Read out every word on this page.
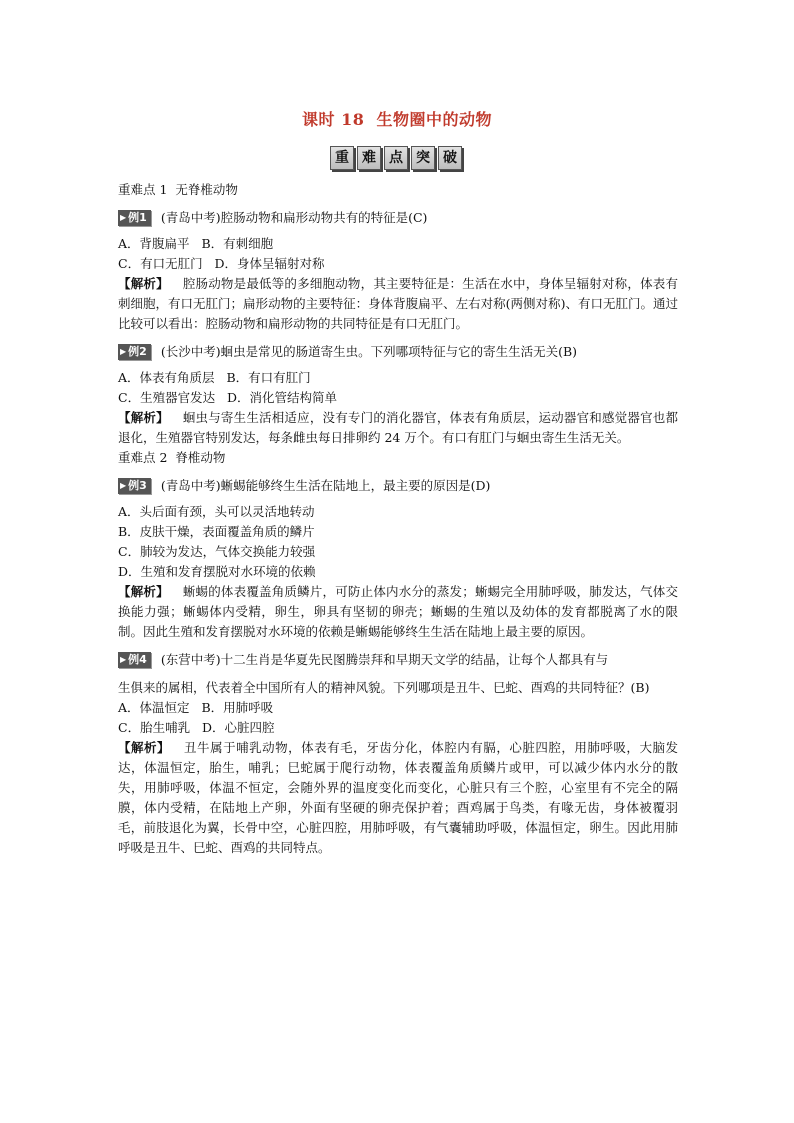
课时 18  生物圈中的动物
重 难 点 突 破
重难点 1  无脊椎动物
▶ 例1 (青岛中考)腔肠动物和扁形动物共有的特征是(C)
A．背腹扁平   B．有刺细胞
C．有口无肛门   D．身体呈辐射对称

【解析】 腔肠动物是最低等的多细胞动物，其主要特征是：生活在水中，身体呈辐射对称，体表有刺细胞，有口无肛门；扁形动物的主要特征：身体背腹扁平、左右对称(两侧对称)、有口无肛门。通过比较可以看出：腔肠动物和扁形动物的共同特征是有口无肛门。

▶ 例2 (长沙中考)蛔虫是常见的肠道寄生虫。下列哪项特征与它的寄生生活无关(B)
A．体表有角质层   B．有口有肛门
C．生殖器官发达   D．消化管结构简单

【解析】 蛔虫与寄生生活相适应，没有专门的消化器官，体表有角质层，运动器官和感觉器官也都退化，生殖器官特别发达，每条雌虫每日排卵约 24 万个。有口有肛门与蛔虫寄生生活无关。

重难点 2  脊椎动物
▶ 例3 (青岛中考)蜥蜴能够终生生活在陆地上，最主要的原因是(D)
A．头后面有颈，头可以灵活地转动
B．皮肤干燥，表面覆盖角质的鳞片
C．肺较为发达，气体交换能力较强
D．生殖和发育摆脱对水环境的依赖

【解析】 蜥蜴的体表覆盖角质鳞片，可防止体内水分的蒸发；蜥蜴完全用肺呼吸，肺发达，气体交换能力强；蜥蜴体内受精，卵生，卵具有坚韧的卵壳；蜥蜴的生殖以及幼体的发育都脱离了水的限制。因此生殖和发育摆脱对水环境的依赖是蜥蜴能够终生生活在陆地上最主要的原因。

▶ 例4 (东营中考)十二生肖是华夏先民图腾崇拜和早期天文学的结晶，让每个人都具有与
生俱来的属相，代表着全中国所有人的精神风貌。下列哪项是丑牛、巳蛇、酉鸡的共同特征？(B)
A．体温恒定   B．用肺呼吸
C．胎生哺乳   D．心脏四腔

【解析】 丑牛属于哺乳动物，体表有毛，牙齿分化，体腔内有膈，心脏四腔，用肺呼吸，大脑发达，体温恒定，胎生，哺乳；巳蛇属于爬行动物，体表覆盖角质鳞片或甲，可以减少体内水分的散失，用肺呼吸，体温不恒定，会随外界的温度变化而变化，心脏只有三个腔，心室里有不完全的隔膜，体内受精，在陆地上产卵，外面有坚硬的卵壳保护着；酉鸡属于鸟类，有喙无齿，身体被覆羽毛，前肢退化为翼，长骨中空，心脏四腔，用肺呼吸，有气囊辅助呼吸，体温恒定，卵生。因此用肺呼吸是丑牛、巳蛇、酉鸡的共同特点。
